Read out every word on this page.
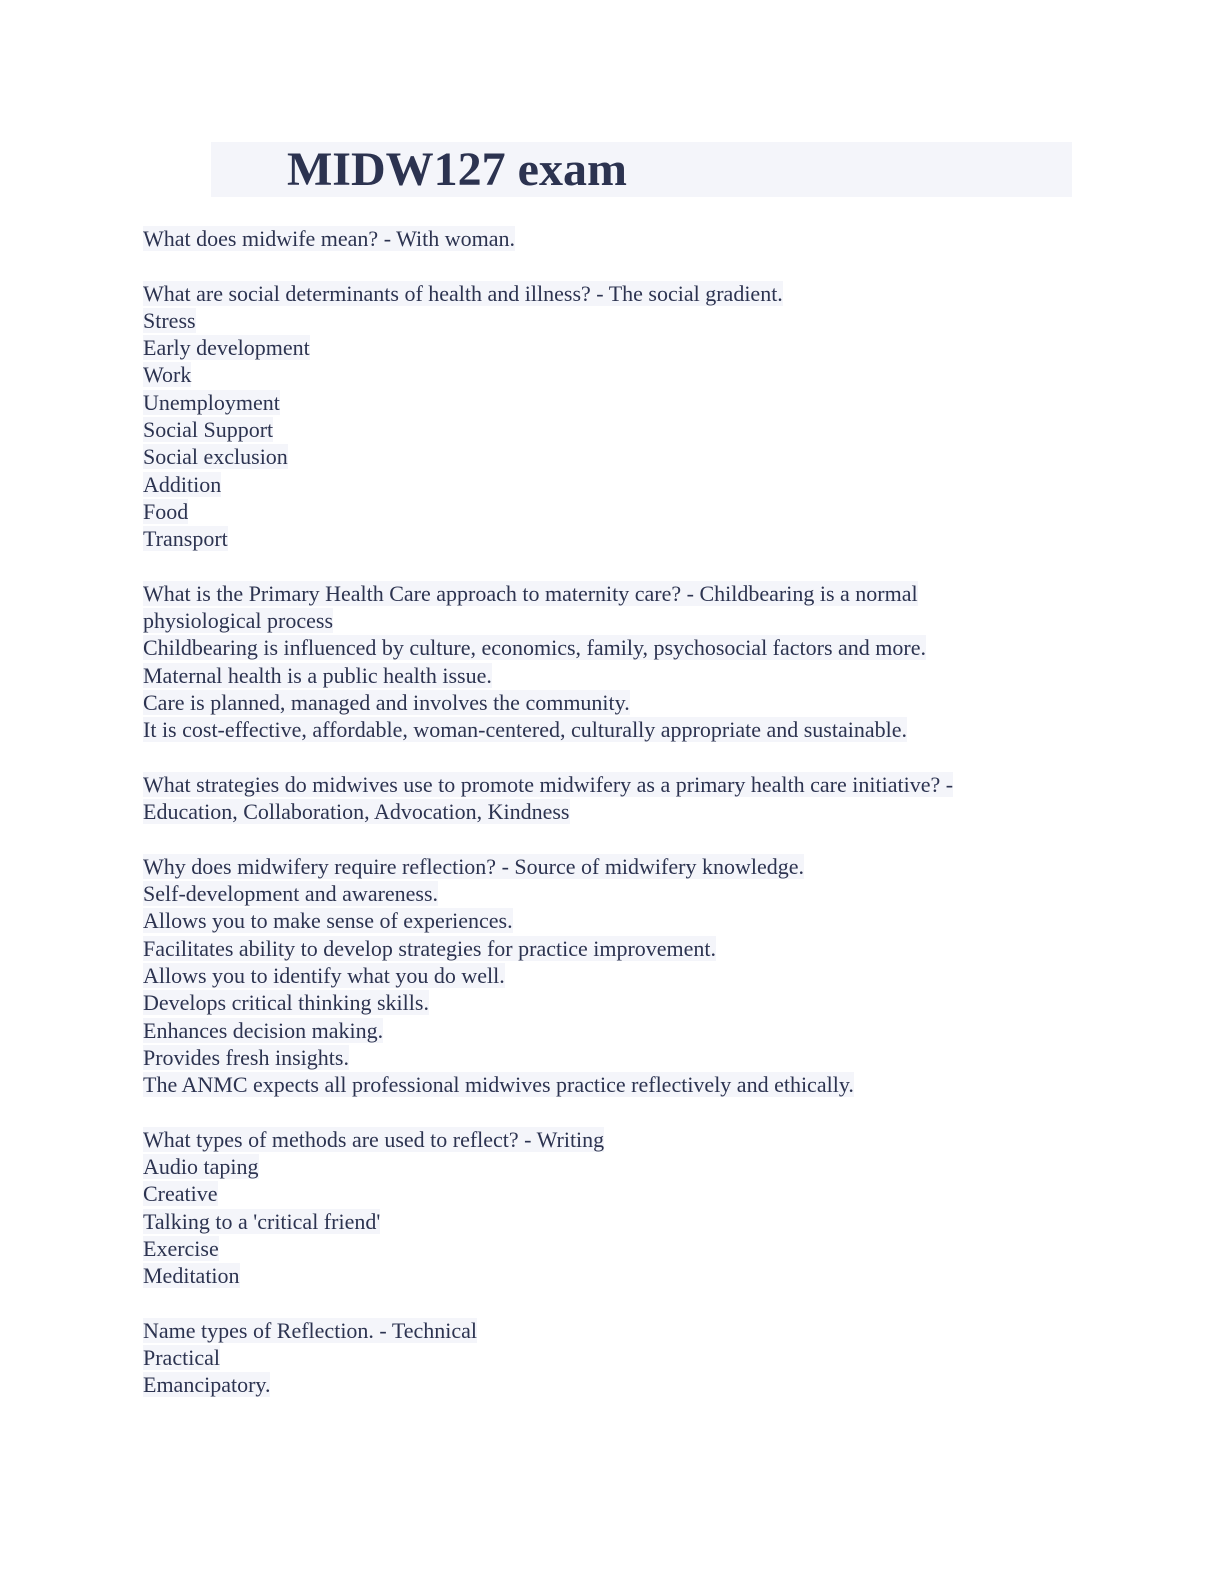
MIDW127 exam
What does midwife mean? - With woman.
What are social determinants of health and illness? - The social gradient.
Stress
Early development
Work
Unemployment
Social Support
Social exclusion
Addition
Food
Transport
What is the Primary Health Care approach to maternity care? - Childbearing is a normal
physiological process
Childbearing is influenced by culture, economics, family, psychosocial factors and more.
Maternal health is a public health issue.
Care is planned, managed and involves the community.
It is cost-effective, affordable, woman-centered, culturally appropriate and sustainable.
What strategies do midwives use to promote midwifery as a primary health care initiative? -
Education, Collaboration, Advocation, Kindness
Why does midwifery require reflection? - Source of midwifery knowledge.
Self-development and awareness.
Allows you to make sense of experiences.
Facilitates ability to develop strategies for practice improvement.
Allows you to identify what you do well.
Develops critical thinking skills.
Enhances decision making.
Provides fresh insights.
The ANMC expects all professional midwives practice reflectively and ethically.
What types of methods are used to reflect? - Writing
Audio taping
Creative
Talking to a 'critical friend'
Exercise
Meditation
Name types of Reflection. - Technical
Practical
Emancipatory.
